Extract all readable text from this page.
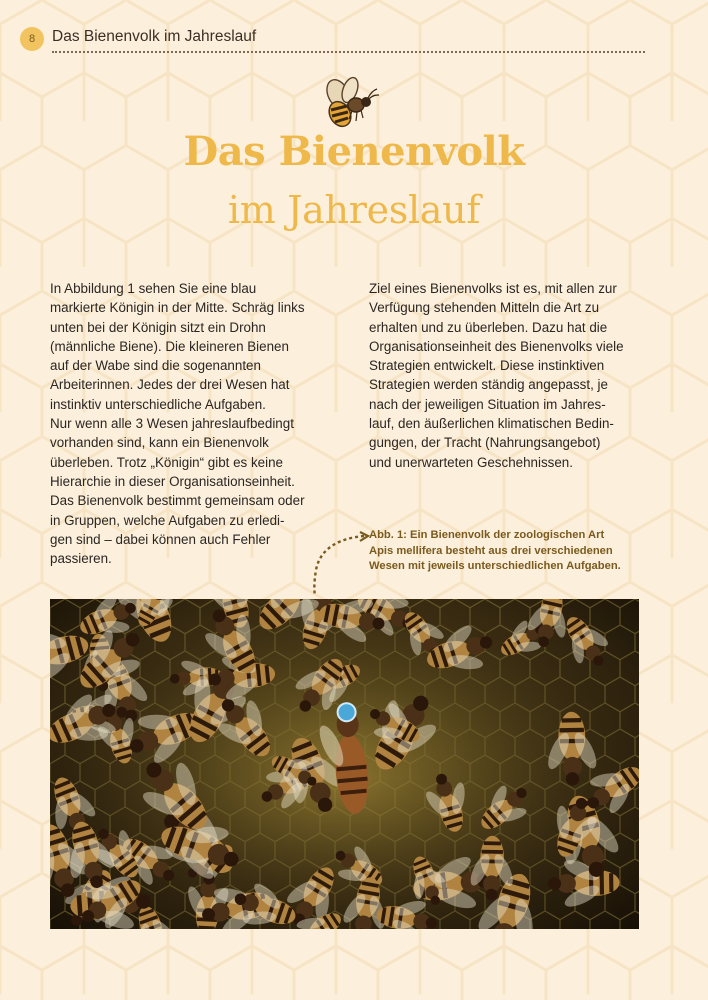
8	Das Bienenvolk im Jahreslauf
Das Bienenvolk
im Jahreslauf

In Abbildung 1 sehen Sie eine blau
markierte Königin in der Mitte. Schräg links
unten bei der Königin sitzt ein Drohn
(männliche Biene). Die kleineren Bienen
auf der Wabe sind die sogenannten
Arbeiterinnen. Jedes der drei Wesen hat
instinktiv unterschiedliche Aufgaben.
Nur wenn alle 3 Wesen jahreslaufbedingt
vorhanden sind, kann ein Bienenvolk
überleben. Trotz „Königin“ gibt es keine
Hierarchie in dieser Organisationseinheit.
Das Bienenvolk bestimmt gemeinsam oder
in Gruppen, welche Aufgaben zu erledi-
gen sind – dabei können auch Fehler
passieren.

Ziel eines Bienenvolks ist es, mit allen zur
Verfügung stehenden Mitteln die Art zu
erhalten und zu überleben. Dazu hat die
Organisationseinheit des Bienenvolks viele
Strategien entwickelt. Diese instinktiven
Strategien werden ständig angepasst, je
nach der jeweiligen Situation im Jahres-
lauf, den äußerlichen klimatischen Bedin-
gungen, der Tracht (Nahrungsangebot)
und unerwarteten Geschehnissen.

Abb. 1: Ein Bienenvolk der zoologischen Art
Apis mellifera besteht aus drei verschiedenen
Wesen mit jeweils unterschiedlichen Aufgaben.
